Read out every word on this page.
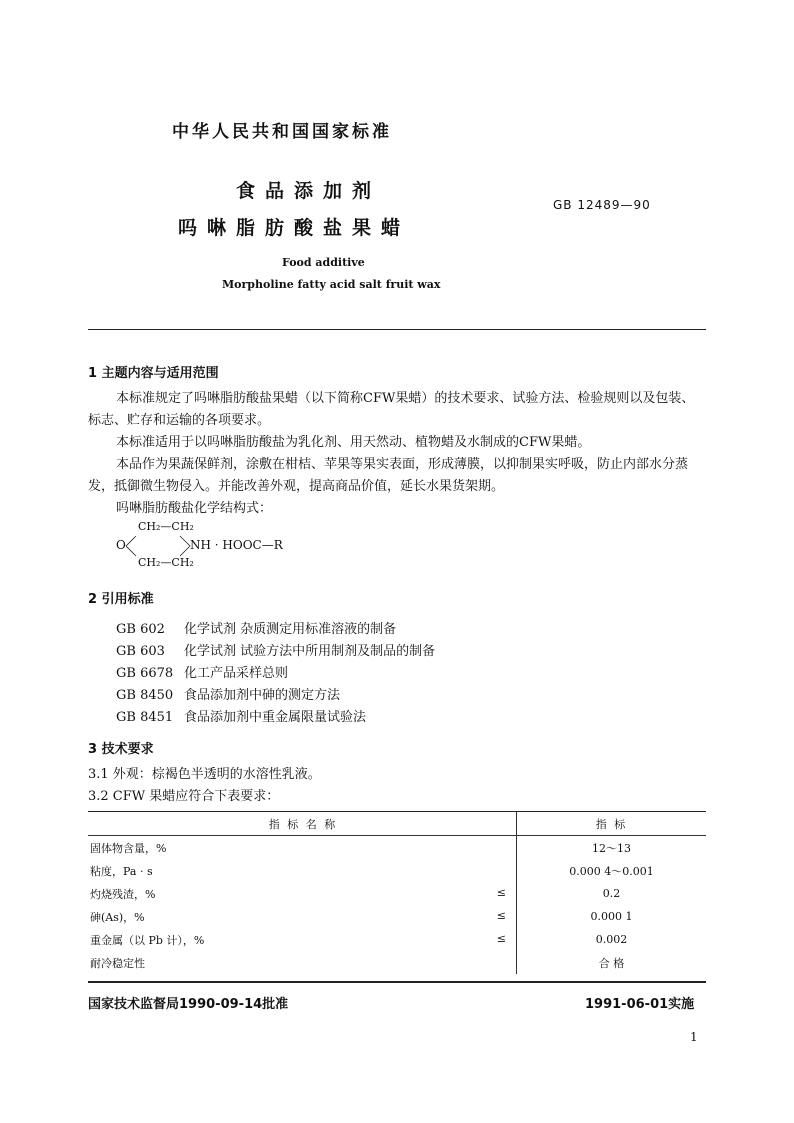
中华人民共和国国家标准
食品添加剂
吗啉脂肪酸盐果蜡
GB 12489—90
Food additive
Morpholine fatty acid salt fruit wax
1 主题内容与适用范围
本标准规定了吗啉脂肪酸盐果蜡（以下简称CFW果蜡）的技术要求、试验方法、检验规则以及包装、
标志、贮存和运输的各项要求。
本标准适用于以吗啉脂肪酸盐为乳化剂、用天然动、植物蜡及水制成的CFW果蜡。
本品作为果蔬保鲜剂，涂敷在柑桔、苹果等果实表面，形成薄膜，以抑制果实呼吸，防止内部水分蒸
发，抵御微生物侵入。并能改善外观，提高商品价值，延长水果货架期。
吗啉脂肪酸盐化学结构式：
CH₂—CH₂
O	NH · HOOC—R
CH₂—CH₂
2 引用标准
GB 602 化学试剂 杂质测定用标准溶液的制备
GB 603 化学试剂 试验方法中所用制剂及制品的制备
GB 6678 化工产品采样总则
GB 8450 食品添加剂中砷的测定方法
GB 8451 食品添加剂中重金属限量试验法
3 技术要求
3.1 外观：棕褐色半透明的水溶性乳液。
3.2 CFW 果蜡应符合下表要求：
指 标 名 称	指 标
固体物含量，%	12～13
粘度，Pa · s	0.000 4～0.001
灼烧残渣，% ≤	0.2
砷(As)，% ≤	0.000 1
重金属（以 Pb 计），% ≤	0.002
耐冷稳定性	合 格
国家技术监督局1990-09-14批准	1991-06-01实施
1
